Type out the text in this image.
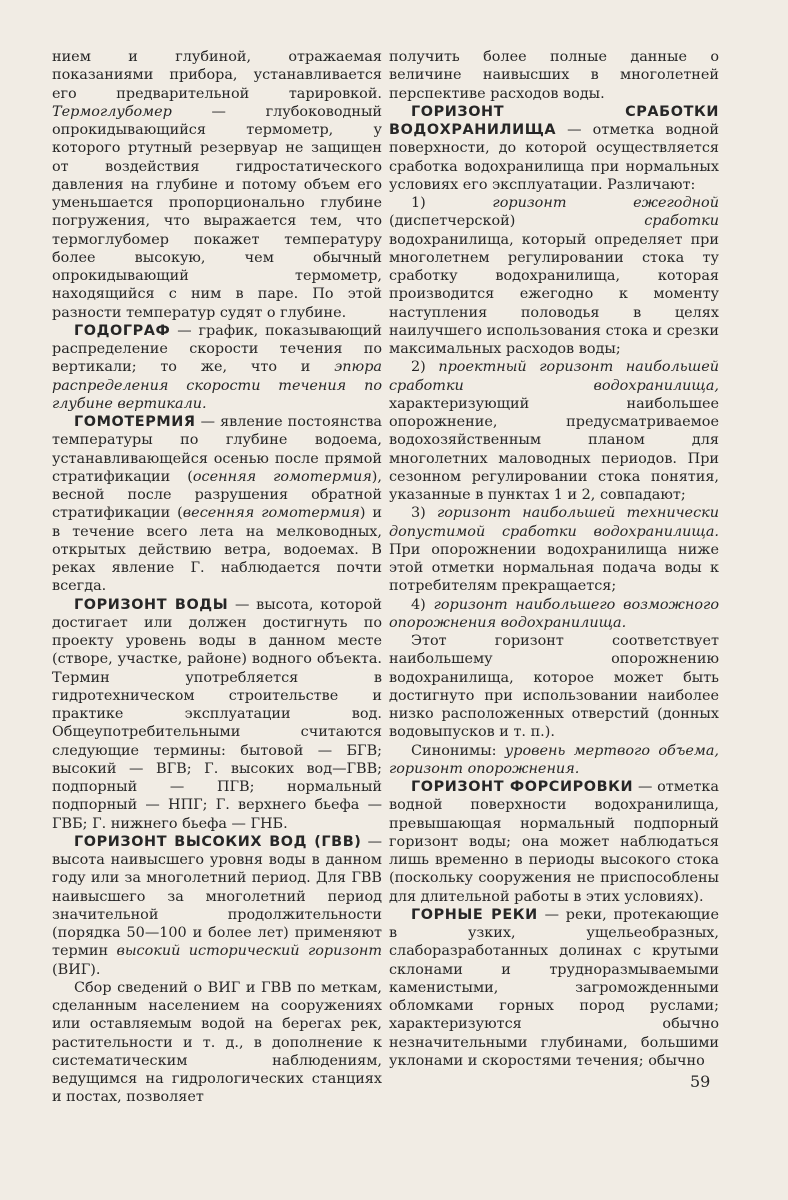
нием и глубиной, отражаемая показаниями прибора, устанавливается его предварительной тарировкой. Термоглубомер — глубоководный опрокидывающийся термометр, у которого ртутный резервуар не защищен от воздействия гидростатического давления на глубине и потому объем его уменьшается пропорционально глубине погружения, что выражается тем, что термоглубомер покажет температуру более высокую, чем обычный опрокидывающий термометр, находящийся с ним в паре. По этой разности температур судят о глубине.

ГОДОГРАФ — график, показывающий распределение скорости течения по вертикали; то же, что и эпюра распределения скорости течения по глубине вертикали.

ГОМОТЕРМИЯ — явление постоянства температуры по глубине водоема, устанавливающейся осенью после прямой стратификации (осенняя гомотермия), весной после разрушения обратной стратификации (весенняя гомотермия) и в течение всего лета на мелководных, открытых действию ветра, водоемах. В реках явление Г. наблюдается почти всегда.

ГОРИЗОНТ ВОДЫ — высота, которой достигает или должен достигнуть по проекту уровень воды в данном месте (створе, участке, районе) водного объекта. Термин употребляется в гидротехническом строительстве и практике эксплуатации вод. Общеупотребительными считаются следующие термины: бытовой — БГВ; высокий — ВГВ; Г. высоких вод—ГВВ; подпорный — ПГВ; нормальный подпорный — НПГ; Г. верхнего бьефа — ГВБ; Г. нижнего бьефа — ГНБ.

ГОРИЗОНТ ВЫСОКИХ ВОД (ГВВ) — высота наивысшего уровня воды в данном году или за многолетний период. Для ГВВ наивысшего за многолетний период значительной продолжительности (порядка 50—100 и более лет) применяют термин высокий исторический горизонт (ВИГ).

Сбор сведений о ВИГ и ГВВ по меткам, сделанным населением на сооружениях или оставляемым водой на берегах рек, растительности и т. д., в дополнение к систематическим наблюдениям, ведущимся на гидрологических станциях и постах, позволяет

получить более полные данные о величине наивысших в многолетней перспективе расходов воды.

ГОРИЗОНТ СРАБОТКИ ВОДОХРАНИЛИЩА — отметка водной поверхности, до которой осуществляется сработка водохранилища при нормальных условиях его эксплуатации. Различают:

1) горизонт ежегодной (диспетчерской) сработки водохранилища, который определяет при многолетнем регулировании стока ту сработку водохранилища, которая производится ежегодно к моменту наступления половодья в целях наилучшего использования стока и срезки максимальных расходов воды;

2) проектный горизонт наибольшей сработки водохранилища, характеризующий наибольшее опорожнение, предусматриваемое водохозяйственным планом для многолетних маловодных периодов. При сезонном регулировании стока понятия, указанные в пунктах 1 и 2, совпадают;

3) горизонт наибольшей технически допустимой сработки водохранилища. При опорожнении водохранилища ниже этой отметки нормальная подача воды к потребителям прекращается;

4) горизонт наибольшего возможного опорожнения водохранилища.

Этот горизонт соответствует наибольшему опорожнению водохранилища, которое может быть достигнуто при использовании наиболее низко расположенных отверстий (донных водовыпусков и т. п.).

Синонимы: уровень мертвого объема, горизонт опорожнения.

ГОРИЗОНТ ФОРСИРОВКИ — отметка водной поверхности водохранилища, превышающая нормальный подпорный горизонт воды; она может наблюдаться лишь временно в периоды высокого стока (поскольку сооружения не приспособлены для длительной работы в этих условиях).

ГОРНЫЕ РЕКИ — реки, протекающие в узких, ущельеобразных, слаборазработанных долинах с крутыми склонами и труднoразмываемыми каменистыми, загроможденными обломками горных пород руслами; характеризуются обычно незначительными глубинами, большими уклонами и скоростями течения; обычно

59
